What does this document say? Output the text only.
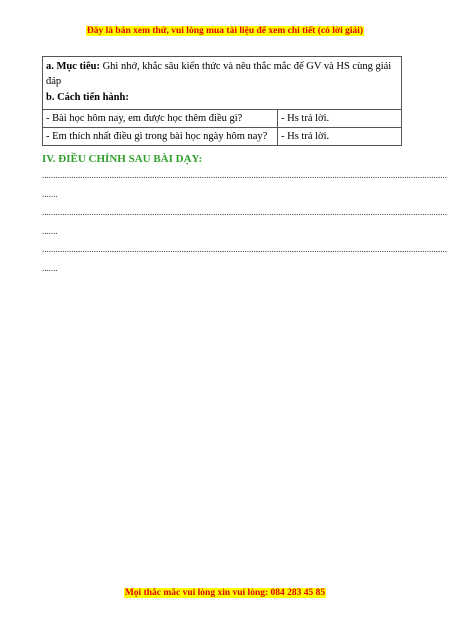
Đây là bản xem thử, vui lòng mua tài liệu để xem chi tiết (có lời giải)

a. Mục tiêu: Ghi nhớ, khắc sâu kiến thức và nêu thắc mắc để GV và HS cùng giải đáp

b. Cách tiến hành:	

- Bài học hôm nay, em được học thêm điều gì?	- Hs trả lời.
- Em thích nhất điều gì trong bài học ngày hôm nay?	- Hs trả lời.
IV. ĐIỀU CHỈNH SAU BÀI DẠY:
....................................................................................................................................................................................
.......
....................................................................................................................................................................................
.......
....................................................................................................................................................................................
.......
Mọi thắc mắc vui lòng xin vui lòng: 084 283 45 85
